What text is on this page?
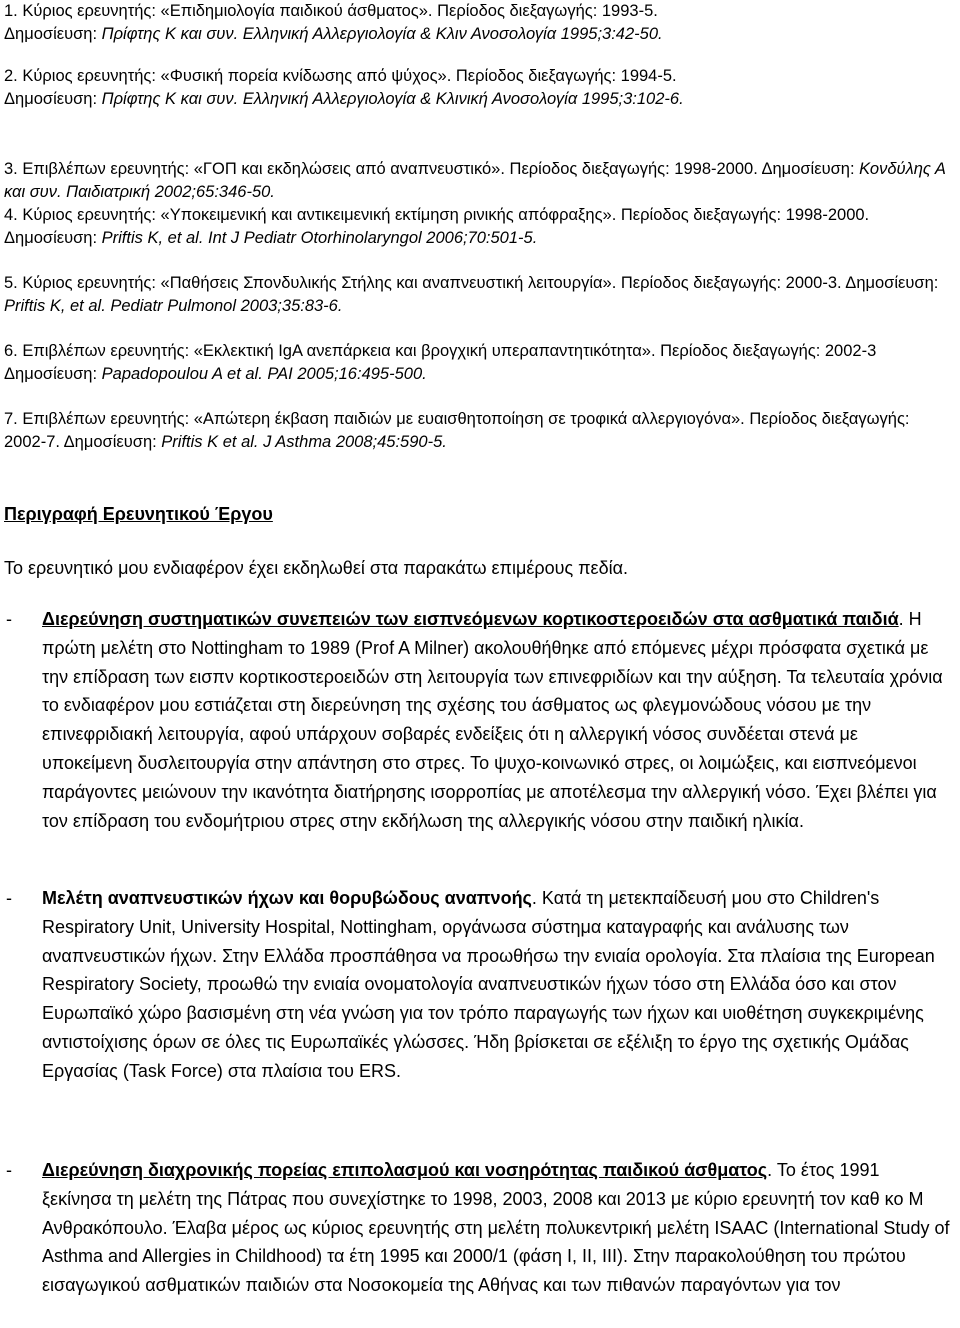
1. Κύριος ερευνητής: «Επιδημιολογία παιδικού άσθματος». Περίοδος διεξαγωγής: 1993-5.
Δημοσίευση: Πρίφτης Κ και συν. Ελληνική Αλλεργιολογία & Κλιν Ανοσολογία 1995;3:42-50.

2. Κύριος ερευνητής: «Φυσική πορεία κνίδωσης από ψύχος». Περίοδος διεξαγωγής: 1994-5.
Δημοσίευση: Πρίφτης Κ και συν. Ελληνική Αλλεργιολογία & Κλινική Ανοσολογία 1995;3:102-6.

3. Επιβλέπων ερευνητής: «ΓΟΠ και εκδηλώσεις από αναπνευστικό». Περίοδος διεξαγωγής: 1998-2000. Δημοσίευση: Κονδύλης Α και συν. Παιδιατρική 2002;65:346-50.

4. Κύριος ερευνητής: «Υποκειμενική και αντικειμενική εκτίμηση ρινικής απόφραξης». Περίοδος διεξαγωγής: 1998-2000. Δημοσίευση: Priftis K, et al. Int J Pediatr Otorhinolaryngol 2006;70:501-5.

5. Κύριος ερευνητής: «Παθήσεις Σπονδυλικής Στήλης και αναπνευστική λειτουργία». Περίοδος διεξαγωγής: 2000-3. Δημοσίευση: Priftis K, et al. Pediatr Pulmonol 2003;35:83-6.

6. Επιβλέπων ερευνητής: «Εκλεκτική IgA ανεπάρκεια και βρογχική υπεραπαντητικότητα». Περίοδος διεξαγωγής: 2002-3 Δημοσίευση: Papadopoulou A et al. PAI 2005;16:495-500.

7. Επιβλέπων ερευνητής: «Απώτερη έκβαση παιδιών με ευαισθητοποίηση σε τροφικά αλλεργιογόνα». Περίοδος διεξαγωγής: 2002-7. Δημοσίευση: Priftis K et al. J Asthma 2008;45:590-5.

Περιγραφή Ερευνητικού Έργου

Το ερευνητικό μου ενδιαφέρον έχει εκδηλωθεί στα παρακάτω επιμέρους πεδία.

- Διερεύνηση συστηματικών συνεπειών των εισπνεόμενων κορτικοστεροειδών στα ασθματικά παιδιά. Η πρώτη μελέτη στο Nottingham το 1989 (Prof A Milner) ακολουθήθηκε από επόμενες μέχρι πρόσφατα σχετικά με την επίδραση των εισπν κορτικοστεροειδών στη λειτουργία των επινεφριδίων και την αύξηση. Τα τελευταία χρόνια το ενδιαφέρον μου εστιάζεται στη διερεύνηση της σχέσης του άσθματος ως φλεγμονώδους νόσου με την επινεφριδιακή λειτουργία, αφού υπάρχουν σοβαρές ενδείξεις ότι η αλλεργική νόσος συνδέεται στενά με υποκείμενη δυσλειτουργία στην απάντηση στο στρες. Το ψυχο-κοινωνικό στρες, οι λοιμώξεις, και εισπνεόμενοι παράγοντες μειώνουν την ικανότητα διατήρησης ισορροπίας με αποτέλεσμα την αλλεργική νόσο. Έχει βλέπει για τον επίδραση του ενδομήτριου στρες στην εκδήλωση της αλλεργικής νόσου στην παιδική ηλικία.
- Μελέτη αναπνευστικών ήχων και θορυβώδους αναπνοής. Κατά τη μετεκπαίδευσή μου στο Children's Respiratory Unit, University Hospital, Nottingham, οργάνωσα σύστημα καταγραφής και ανάλυσης των αναπνευστικών ήχων. Στην Ελλάδα προσπάθησα να προωθήσω την ενιαία ορολογία. Στα πλαίσια της European Respiratory Society, προωθώ την ενιαία ονοματολογία αναπνευστικών ήχων τόσο στη Ελλάδα όσο και στον Ευρωπαϊκό χώρο βασισμένη στη νέα γνώση για τον τρόπο παραγωγής των ήχων και υιοθέτηση συγκεκριμένης αντιστοίχισης όρων σε όλες τις Ευρωπαϊκές γλώσσες. Ήδη βρίσκεται σε εξέλιξη το έργο της σχετικής Ομάδας Εργασίας (Task Force) στα πλαίσια του ERS.
- Διερεύνηση διαχρονικής πορείας επιπολασμού και νοσηρότητας παιδικού άσθματος. Το έτος 1991 ξεκίνησα τη μελέτη της Πάτρας που συνεχίστηκε το 1998, 2003, 2008 και 2013 με κύριο ερευνητή τον καθ κο Μ Ανθρακόπουλο. Έλαβα μέρος ως κύριος ερευνητής στη μελέτη πολυκεντρική μελέτη ISAAC (International Study of Asthma and Allergies in Childhood) τα έτη 1995 και 2000/1 (φάση I, II, III). Στην παρακολούθηση του πρώτου εισαγωγικού ασθματικών παιδιών στα Νοσοκομεία της Αθήνας και των πιθανών παραγόντων για τον
